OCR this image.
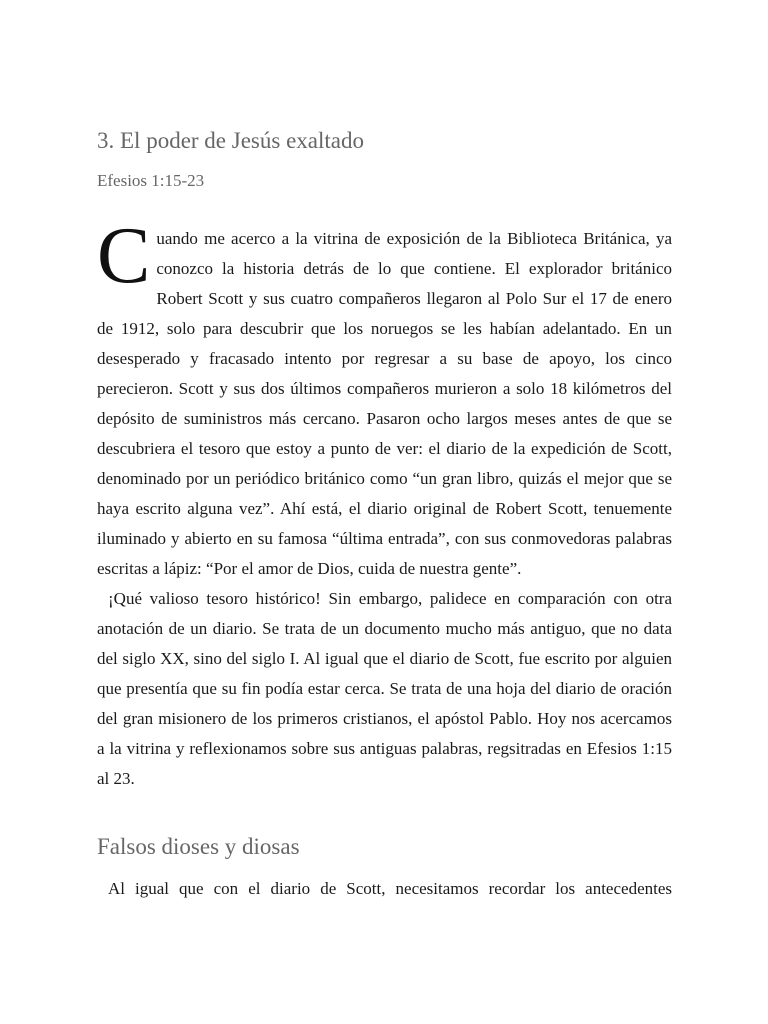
3. El poder de Jesús exaltado
Efesios 1:15-23

Cuando me acerco a la vitrina de exposición de la Biblioteca Británica, ya conozco la historia detrás de lo que contiene. El explorador británico Robert Scott y sus cuatro compañeros llegaron al Polo Sur el 17 de enero de 1912, solo para descubrir que los noruegos se les habían adelantado. En un desesperado y fracasado intento por regresar a su base de apoyo, los cinco perecieron. Scott y sus dos últimos compañeros murieron a solo 18 kilómetros del depósito de suministros más cercano. Pasaron ocho largos meses antes de que se descubriera el tesoro que estoy a punto de ver: el diario de la expedición de Scott, denominado por un periódico británico como “un gran libro, quizás el mejor que se haya escrito alguna vez”. Ahí está, el diario original de Robert Scott, tenuemente iluminado y abierto en su famosa “última entrada”, con sus conmovedoras palabras escritas a lápiz: “Por el amor de Dios, cuida de nuestra gente”.

¡Qué valioso tesoro histórico! Sin embargo, palidece en comparación con otra anotación de un diario. Se trata de un documento mucho más antiguo, que no data del siglo XX, sino del siglo I. Al igual que el diario de Scott, fue escrito por alguien que presentía que su fin podía estar cerca. Se trata de una hoja del diario de oración del gran misionero de los primeros cristianos, el apóstol Pablo. Hoy nos acercamos a la vitrina y reflexionamos sobre sus antiguas palabras, regsitradas en Efesios 1:15 al 23.

Falsos dioses y diosas

Al igual que con el diario de Scott, necesitamos recordar los antecedentes
